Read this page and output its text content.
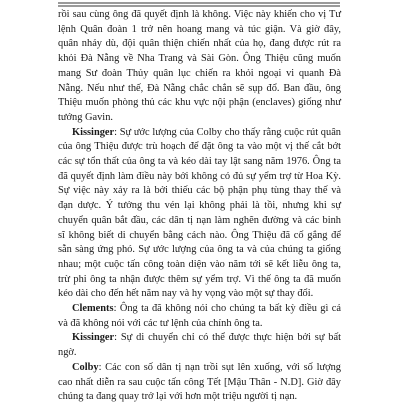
rồi sau cùng ông đã quyết định là không. Việc này khiến cho vị Tư lệnh Quân đoàn 1 trở nên hoang mang và túc giận. Và giờ đây, quân nhảy dù, đội quân thiện chiến nhất của họ, đang được rút ra khỏi Đà Nẵng về Nha Trang và Sài Gòn. Ông Thiệu cũng muốn mang Sư đoàn Thủy quân lục chiến ra khỏi ngoại vi quanh Đà Nẵng. Nếu như thế, Đà Nẵng chắc chắn sẽ sụp đổ. Ban đầu, ông Thiệu muốn phòng thủ các khu vực nội phận (enclaves) giống như tướng Gavin.

Kissinger: Sự ước lượng của Colby cho thấy rằng cuộc rút quân của ông Thiệu được trù hoạch để đặt ông ta vào một vị thế cắt bớt các sự tổn thất của ông ta và kéo dài tay lật sang năm 1976. Ông ta đã quyết định làm điều này bởi không có đủ sự yểm trợ từ Hoa Kỳ. Sự việc này xảy ra là bởi thiếu các bộ phận phụ tùng thay thế và đạn dược. Ý tưởng thu vén lại không phải là tồi, nhưng khi sự chuyển quân bắt đầu, các dân tị nạn làm nghẽn đường và các binh sĩ không biết di chuyển bằng cách nào. Ông Thiệu đã cố gắng để sẵn sàng ứng phó. Sự ước lượng của ông ta và của chúng ta giống nhau; một cuộc tấn công toàn diện vào năm tới sẽ kết liễu ông ta, trừ phi ông ta nhận được thêm sự yểm trợ. Vì thế ông ta đã muốn kéo dài cho đến hết năm nay và hy vọng vào một sự thay đổi.

Clements: Ông ta đã không nói cho chúng ta bất kỳ điều gì cả và đã không nói với các tư lệnh của chính ông ta.

Kissinger: Sự di chuyển chỉ có thể được thực hiện bởi sự bất ngờ.

Colby: Các con số dân tị nạn trồi sụt lên xuống, với số lượng cao nhất diễn ra sau cuộc tấn công Tết [Mậu Thân - N.D]. Giờ đây chúng ta đang quay trở lại với hơn một triệu người tị nạn.
